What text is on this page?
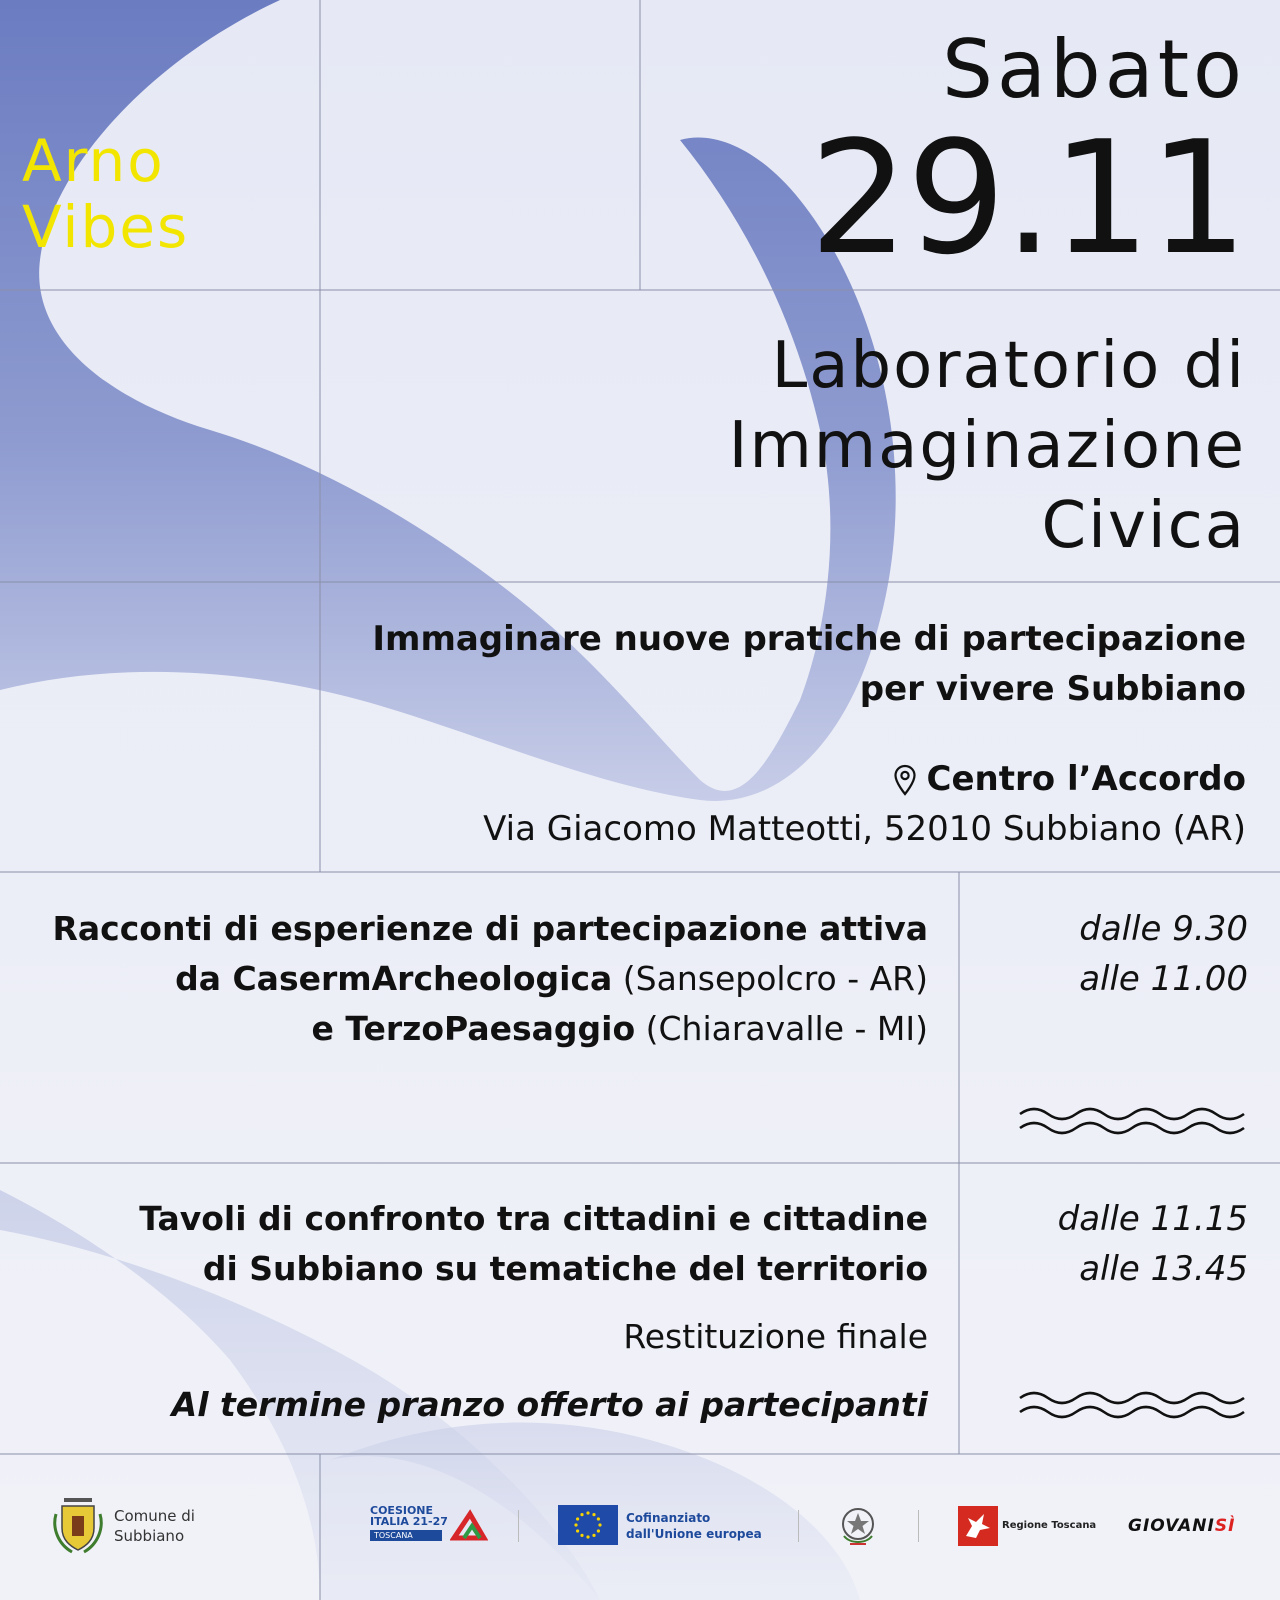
Arno
Vibes
Sabato
29.11
Laboratorio di
Immaginazione
Civica
Immaginare nuove pratiche di partecipazione
per vivere Subbiano
Centro l’Accordo
Via Giacomo Matteotti, 52010 Subbiano (AR)
Racconti di esperienze di partecipazione attiva
da CasermArcheologica (Sansepolcro - AR)
e TerzoPaesaggio (Chiaravalle - MI)
dalle 9.30
alle 11.00
Tavoli di confronto tra cittadini e cittadine
di Subbiano su tematiche del territorio
Restituzione finale
Al termine pranzo offerto ai partecipanti
dalle 11.15
alle 13.45
Comune di
Subbiano
COESIONE
ITALIA 21-27
TOSCANA
Cofinanziato
dall'Unione europea
Regione Toscana GIOVANISÌ
